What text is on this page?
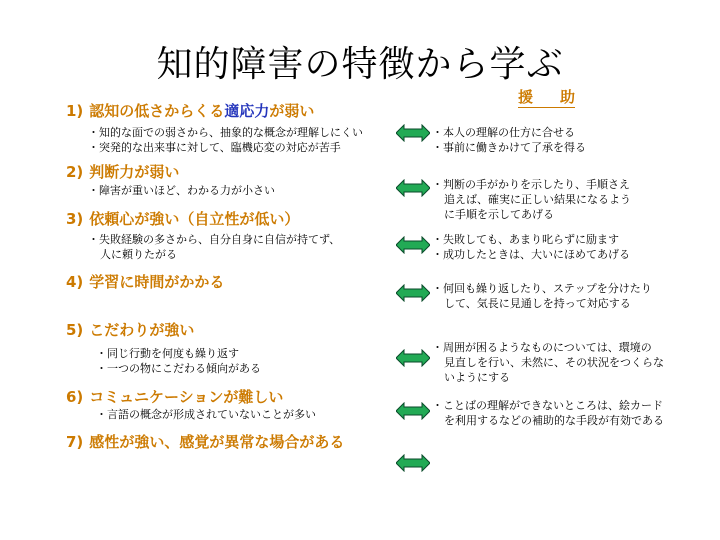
知的障害の特徴から学ぶ
援　助
1) 認知の低さからくる適応力が弱い
2) 判断力が弱い
3) 依頼心が強い（自立性が低い）
4) 学習に時間がかかる
5) こだわりが強い
6) コミュニケーションが難しい
7) 感性が強い、感覚が異常な場合がある
・知的な面での弱さから、抽象的な概念が理解しにくい
・突発的な出来事に対して、臨機応変の対応が苦手
・障害が重いほど、わかる力が小さい
・失敗経験の多さから、自分自身に自信が持てず、
人に頼りたがる
・同じ行動を何度も繰り返す
・一つの物にこだわる傾向がある
・言語の概念が形成されていないことが多い
・本人の理解の仕方に合せる
・事前に働きかけて了承を得る
・判断の手がかりを示したり、手順さえ
追えば、確実に正しい結果になるよう
に手順を示してあげる
・失敗しても、あまり叱らずに励ます
・成功したときは、大いにほめてあげる
・何回も繰り返したり、ステップを分けたり
して、気長に見通しを持って対応する
・周囲が困るようなものについては、環境の
見直しを行い、未然に、その状況をつくらな
いようにする
・ことばの理解ができないところは、絵カード
を利用するなどの補助的な手段が有効である
